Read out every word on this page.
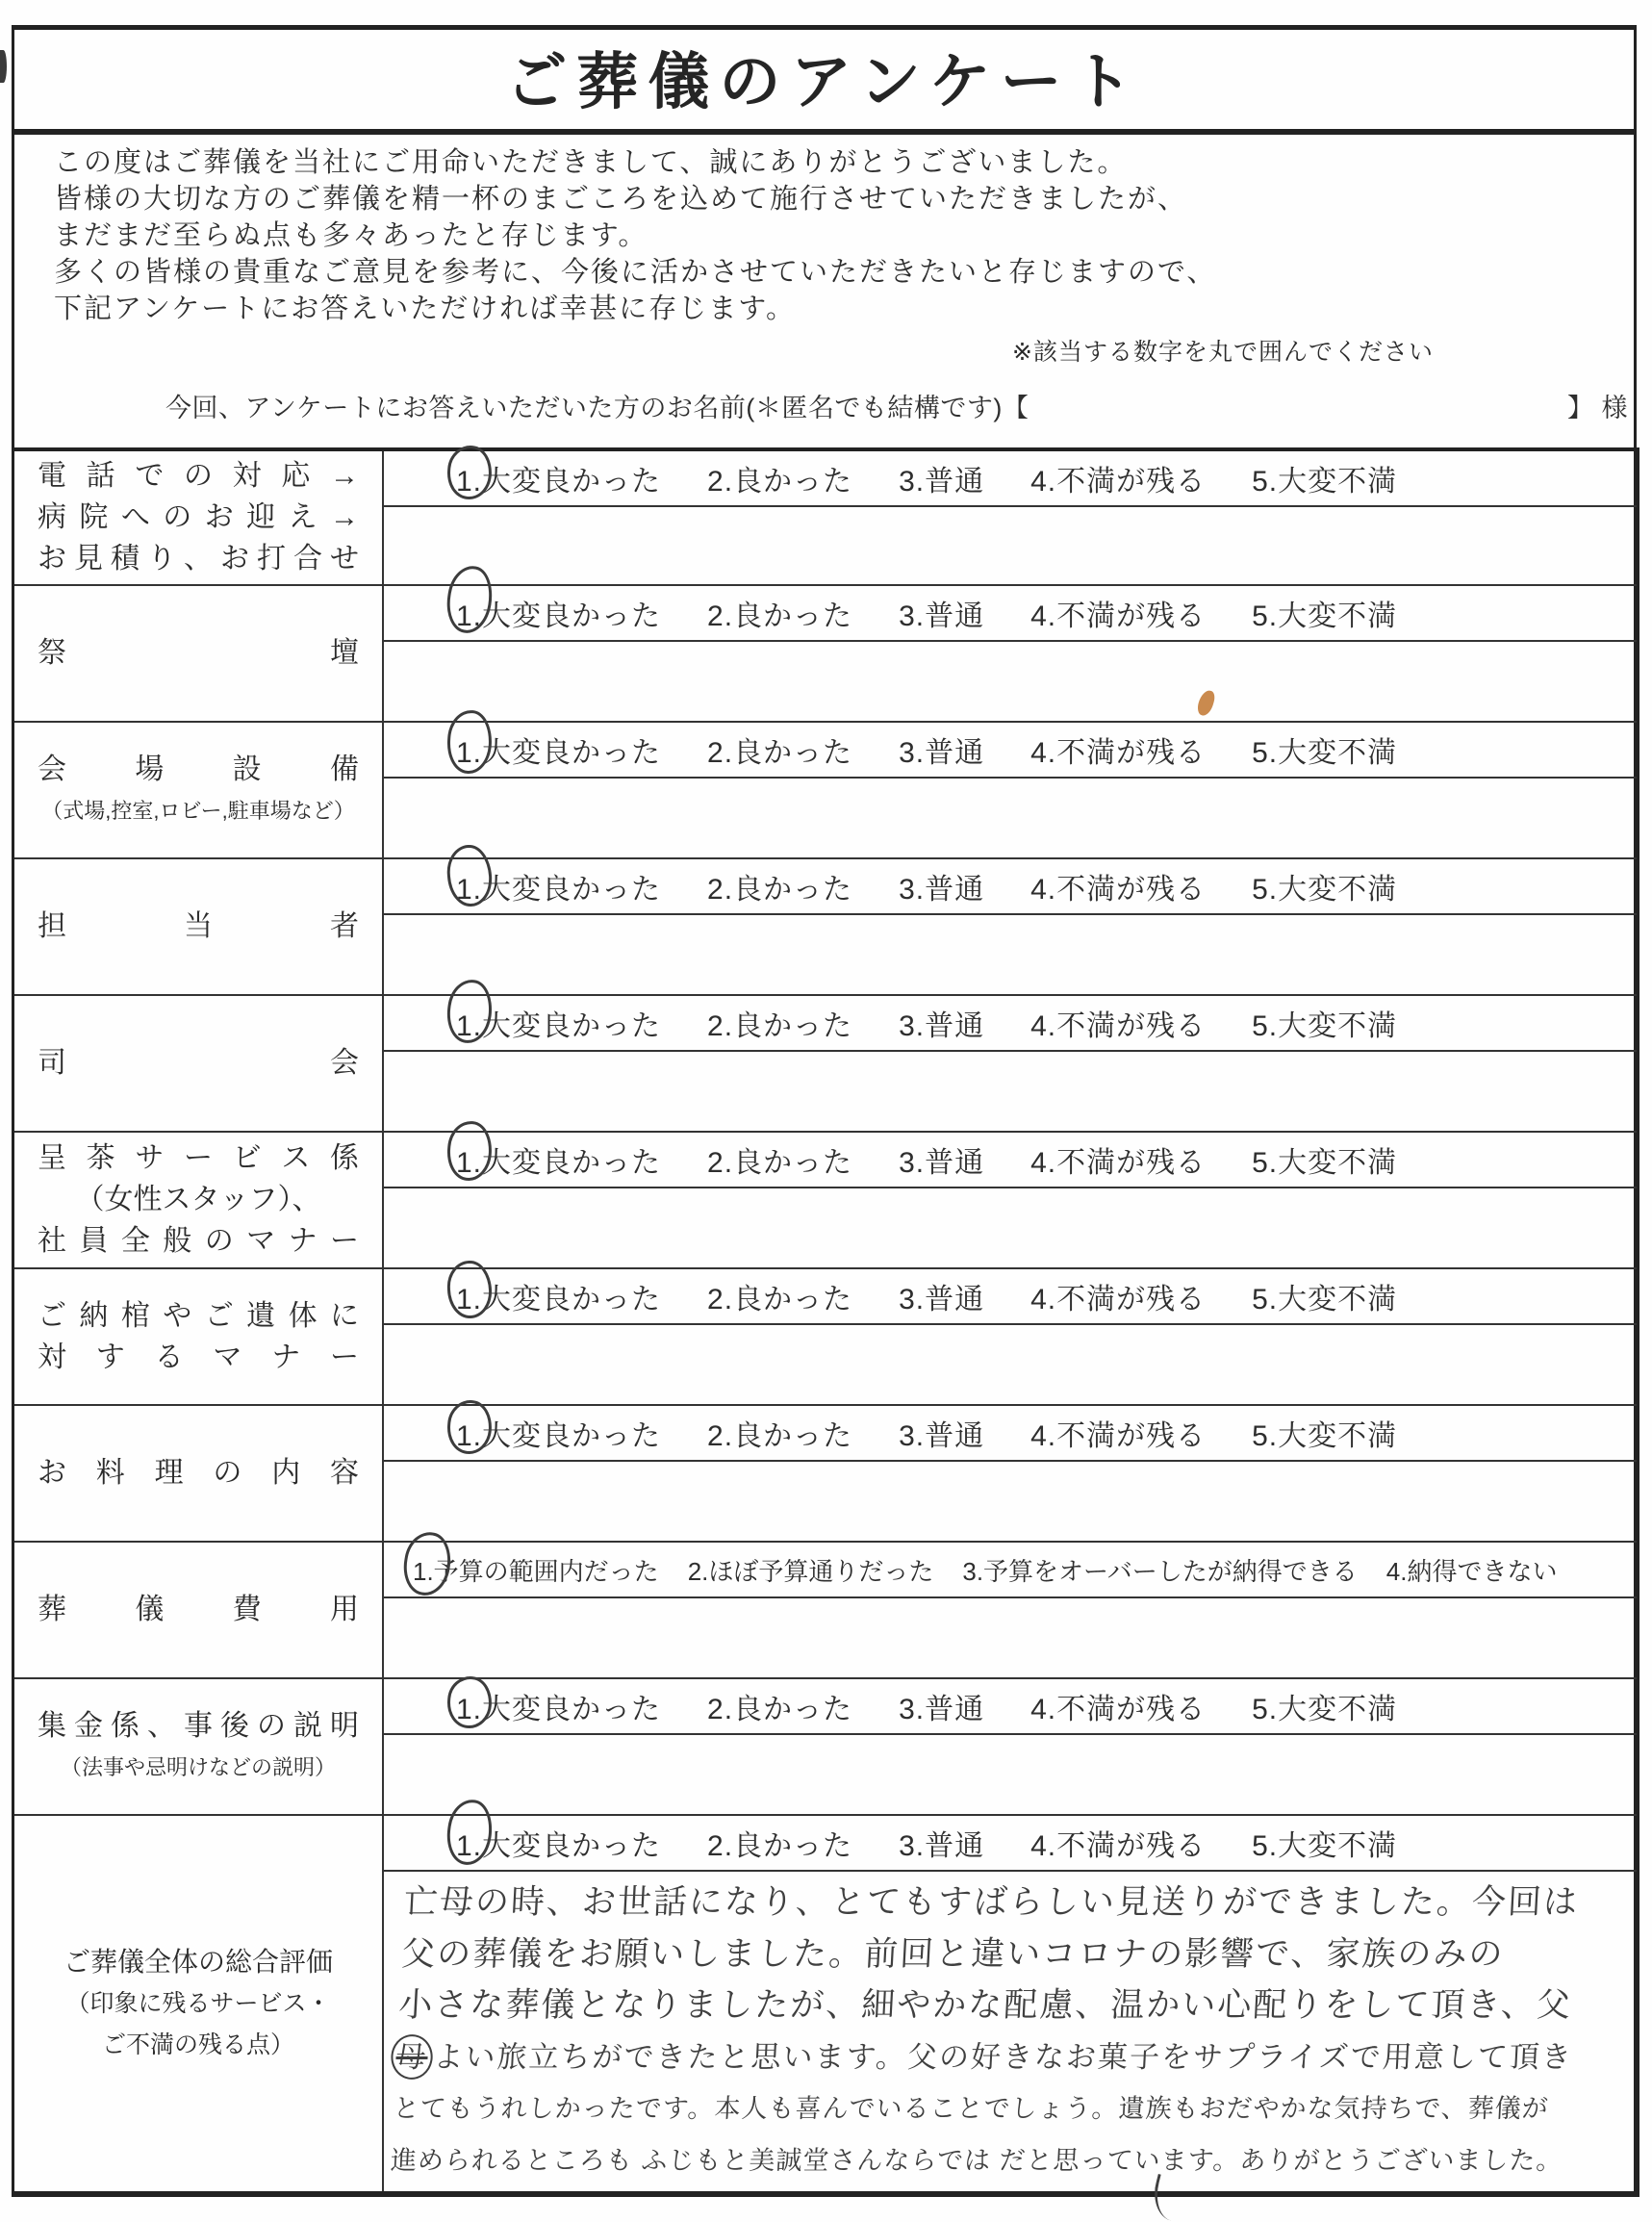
ご葬儀のアンケート
この度はご葬儀を当社にご用命いただきまして、誠にありがとうございました。
皆様の大切な方のご葬儀を精一杯のまごころを込めて施行させていただきましたが、
まだまだ至らぬ点も多々あったと存じます。
多くの皆様の貴重なご意見を参考に、今後に活かさせていただきたいと存じますので、
下記アンケートにお答えいただければ幸甚に存じます。
※該当する数字を丸で囲んでください
今回、アンケートにお答えいただいた方のお名前(＊匿名でも結構です)【	】 様
電話での対応→
病院へのお迎え→
お見積り、お打合せ
1.大変良かった 2.良かった 3.普通 4.不満が残る 5.大変不満
祭壇
1.大変良かった 2.良かった 3.普通 4.不満が残る 5.大変不満
会場設備
（式場,控室,ロビー,駐車場など）
1.大変良かった 2.良かった 3.普通 4.不満が残る 5.大変不満
担当者
1.大変良かった 2.良かった 3.普通 4.不満が残る 5.大変不満
司会
1.大変良かった 2.良かった 3.普通 4.不満が残る 5.大変不満
呈茶サービス係
（女性スタッフ）、
社員全般のマナー
1.大変良かった 2.良かった 3.普通 4.不満が残る 5.大変不満
ご納棺やご遺体に
対するマナー
1.大変良かった 2.良かった 3.普通 4.不満が残る 5.大変不満
お料理の内容
1.大変良かった 2.良かった 3.普通 4.不満が残る 5.大変不満
葬儀費用
1.予算の範囲内だった 2.ほぼ予算通りだった 3.予算をオーバーしたが納得できる 4.納得できない
集金係、事後の説明
（法事や忌明けなどの説明）
1.大変良かった 2.良かった 3.普通 4.不満が残る 5.大変不満
ご葬儀全体の総合評価
（印象に残るサービス・
ご不満の残る点）
1.大変良かった 2.良かった 3.普通 4.不満が残る 5.大変不満
亡母の時、お世話になり、とてもすばらしい見送りができました。今回は
父の葬儀をお願いしました。前回と違いコロナの影響で、家族のみの
小さな葬儀となりましたが、細やかな配慮、温かい心配りをして頂き、父
母 よい旅立ちができたと思います。父の好きなお菓子をサプライズで用意して頂き
とてもうれしかったです。本人も喜んでいることでしょう。遺族もおだやかな気持ちで、葬儀が
進められるところも ふじもと美誠堂さんならでは だと思っています。ありがとうございました。
